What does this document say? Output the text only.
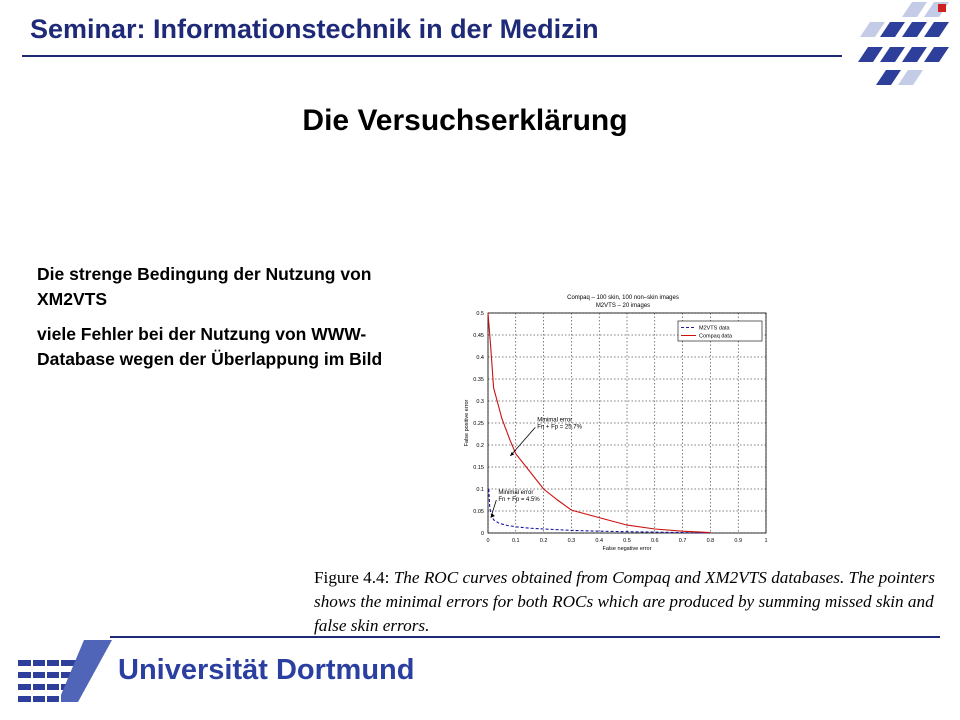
Seminar: Informationstechnik in der Medizin
Die Versuchserklärung

Die strenge Bedingung der Nutzung von XM2VTS

viele Fehler bei der Nutzung von WWW-Database wegen der Überlappung im Bild

0	0.1	0.2	0.3	0.4	0.5	0.6	0.7	0.8	0.9	1
0
0.05
0.1
0.15
0.2
0.25
0.3
0.35
0.4
0.45
0.5
Compaq – 100 skin, 100 non–skin images
M2VTS – 20 images
False negative error
False positive error
M2VTS data
Compaq data
Minimal error
Fn + Fp = 25.7%
Minimal error
Fn + Fp = 4.5%
Figure 4.4: The ROC curves obtained from Compaq and XM2VTS databases. The pointers shows the minimal errors for both ROCs which are produced by summing missed skin and false skin errors.
Universität Dortmund
